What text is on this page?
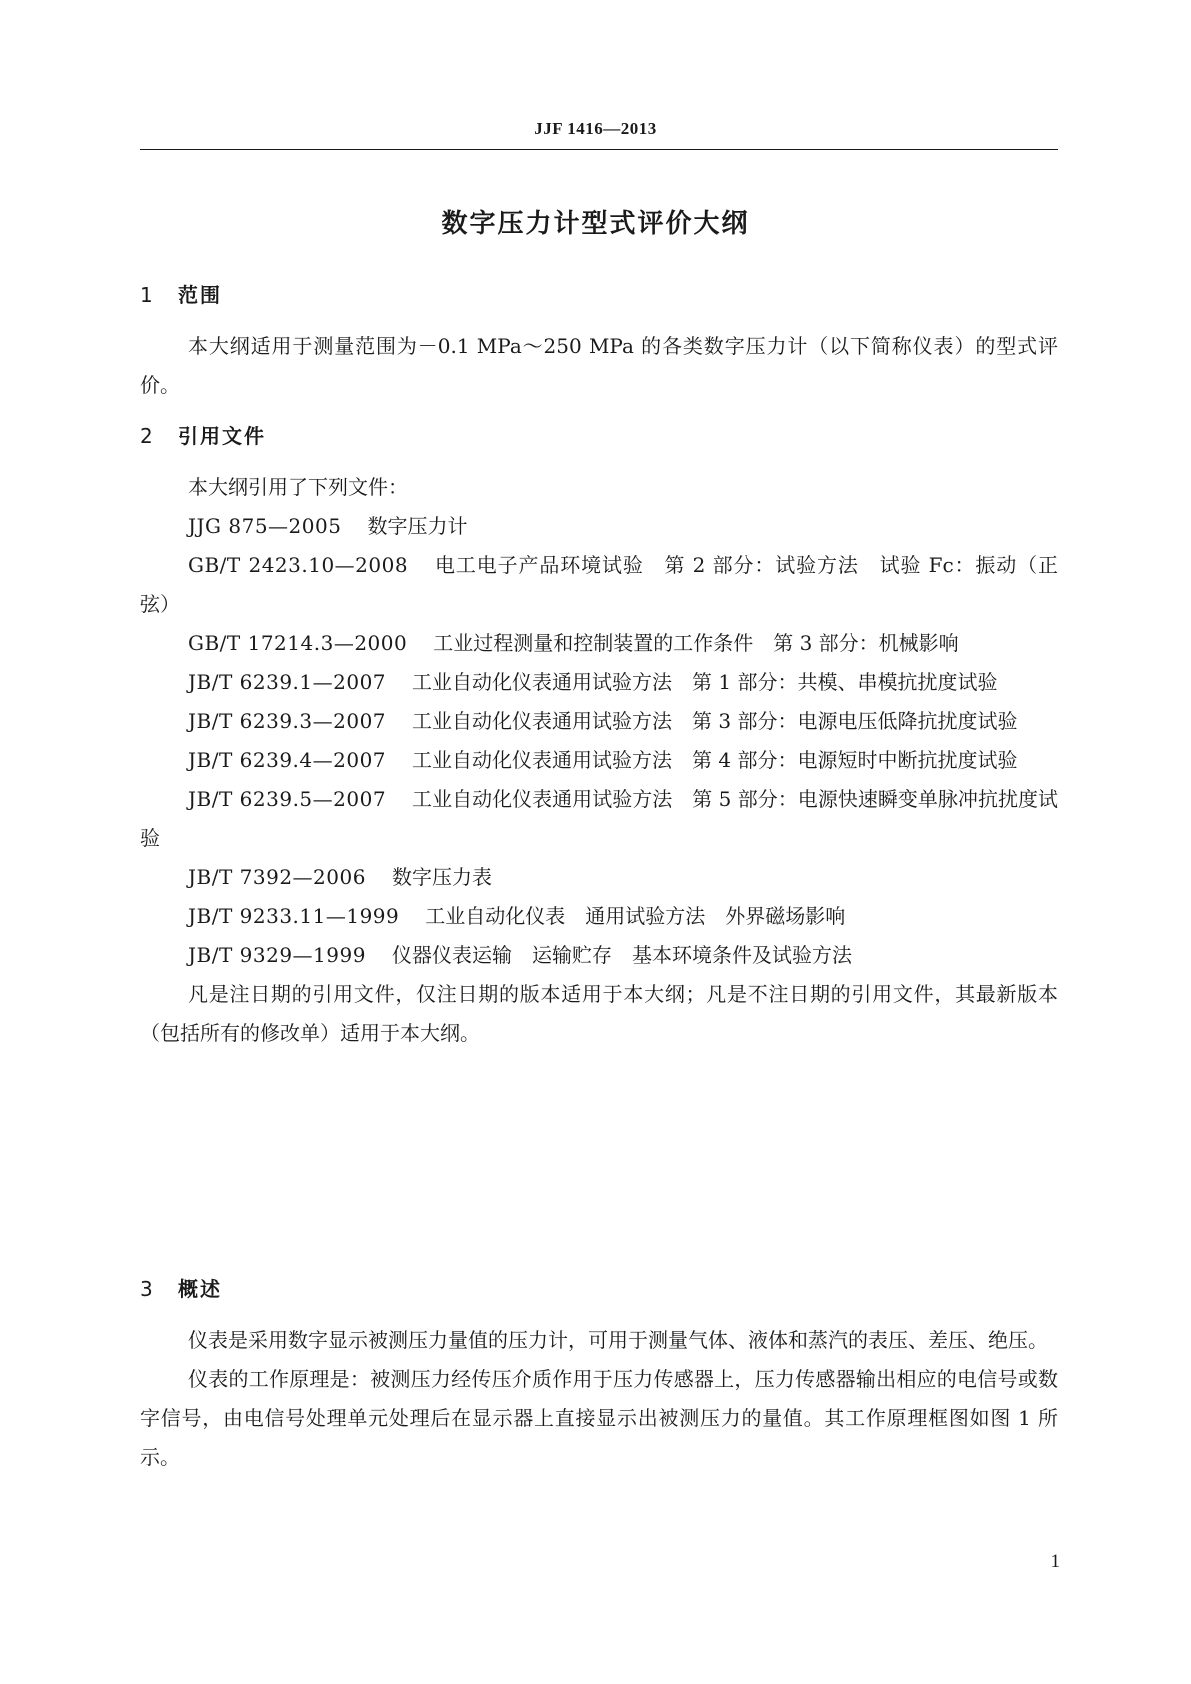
JJF 1416—2013
数字压力计型式评价大纲
1 范围

本大纲适用于测量范围为－0.1 MPa～250 MPa 的各类数字压力计（以下简称仪表）的型式评价。

2 引用文件

本大纲引用了下列文件：

JJG 875—2005 数字压力计

GB/T 2423.10—2008 电工电子产品环境试验　第 2 部分：试验方法　试验 Fc：振动（正弦）

GB/T 17214.3—2000 工业过程测量和控制装置的工作条件　第 3 部分：机械影响

JB/T 6239.1—2007 工业自动化仪表通用试验方法　第 1 部分：共模、串模抗扰度试验

JB/T 6239.3—2007 工业自动化仪表通用试验方法　第 3 部分：电源电压低降抗扰度试验

JB/T 6239.4—2007 工业自动化仪表通用试验方法　第 4 部分：电源短时中断抗扰度试验

JB/T 6239.5—2007 工业自动化仪表通用试验方法　第 5 部分：电源快速瞬变单脉冲抗扰度试验

JB/T 7392—2006 数字压力表

JB/T 9233.11—1999 工业自动化仪表　通用试验方法　外界磁场影响

JB/T 9329—1999 仪器仪表运输　运输贮存　基本环境条件及试验方法

凡是注日期的引用文件，仅注日期的版本适用于本大纲；凡是不注日期的引用文件，其最新版本（包括所有的修改单）适用于本大纲。

3 概述

仪表是采用数字显示被测压力量值的压力计，可用于测量气体、液体和蒸汽的表压、差压、绝压。

仪表的工作原理是：被测压力经传压介质作用于压力传感器上，压力传感器输出相应的电信号或数字信号，由电信号处理单元处理后在显示器上直接显示出被测压力的量值。其工作原理框图如图 1 所示。

1
